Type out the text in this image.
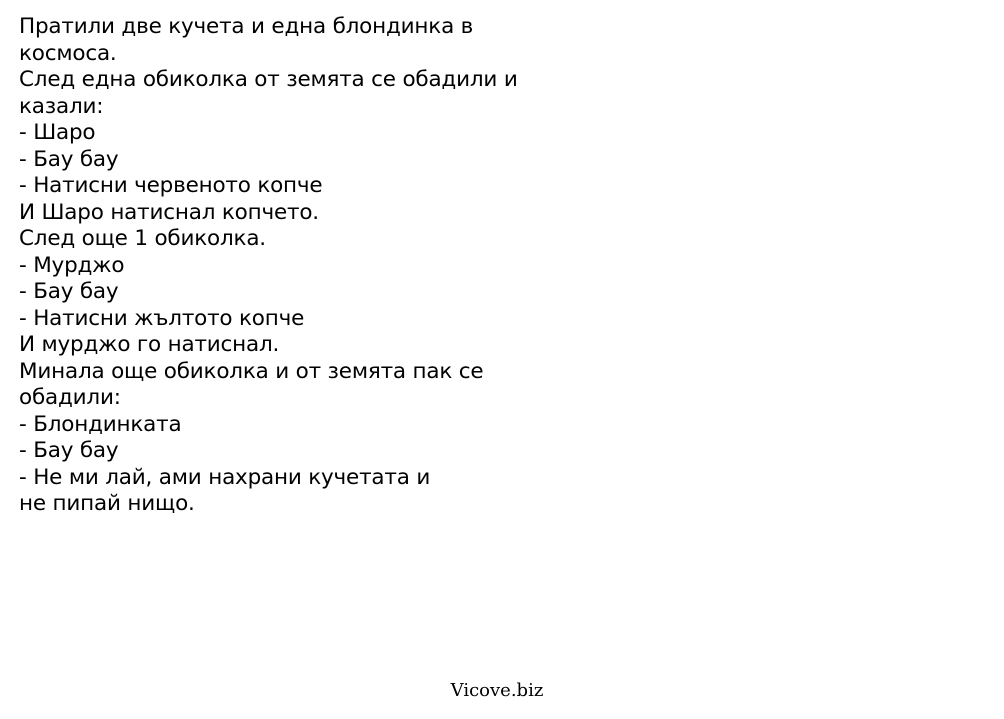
Пратили две кучета и една блондинка в
космоса.
След една обиколка от земята се обадили и
казали:
- Шаро
- Бау бау
- Натисни червеното копче
И Шаро натиснал копчето.
След още 1 обиколка.
- Мурджо
- Бау бау
- Натисни жълтото копче
И мурджо го натиснал.
Минала още обиколка и от земята пак се
обадили:
- Блондинката
- Бау бау
- Не ми лай, ами нахрани кучетата и
не пипай нищо.
Vicove.biz
